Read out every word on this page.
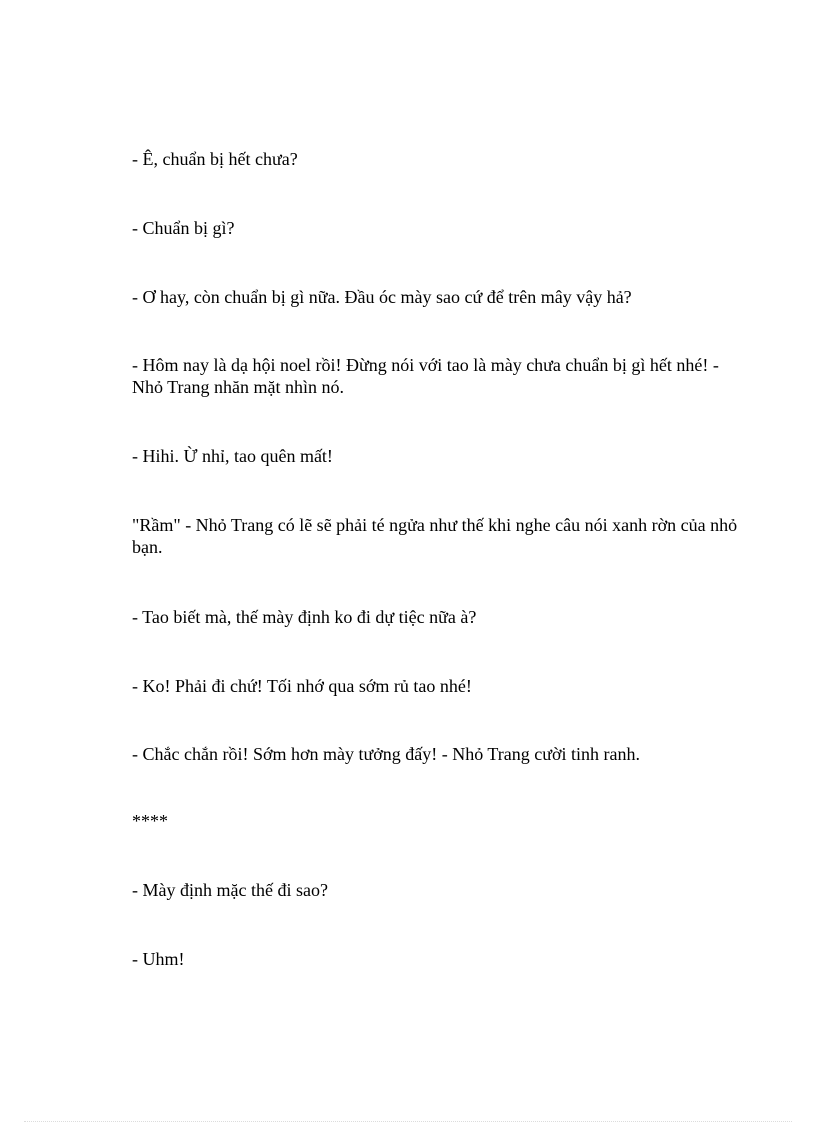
- Ê, chuẩn bị hết chưa?
- Chuẩn bị gì?
- Ơ hay, còn chuẩn bị gì nữa. Đầu óc mày sao cứ để trên mây vậy hả?
- Hôm nay là dạ hội noel rồi! Đừng nói với tao là mày chưa chuẩn bị gì hết nhé! - Nhỏ Trang nhăn mặt nhìn nó.
- Hihi. Ừ nhỉ, tao quên mất!
"Rầm" - Nhỏ Trang có lẽ sẽ phải té ngửa như thế khi nghe câu nói xanh rờn của nhỏ bạn.
- Tao biết mà, thế mày định ko đi dự tiệc nữa à?
- Ko! Phải đi chứ! Tối nhớ qua sớm rủ tao nhé!
- Chắc chắn rồi! Sớm hơn mày tưởng đấy! - Nhỏ Trang cười tinh ranh.
****
- Mày định mặc thế đi sao?
- Uhm!
